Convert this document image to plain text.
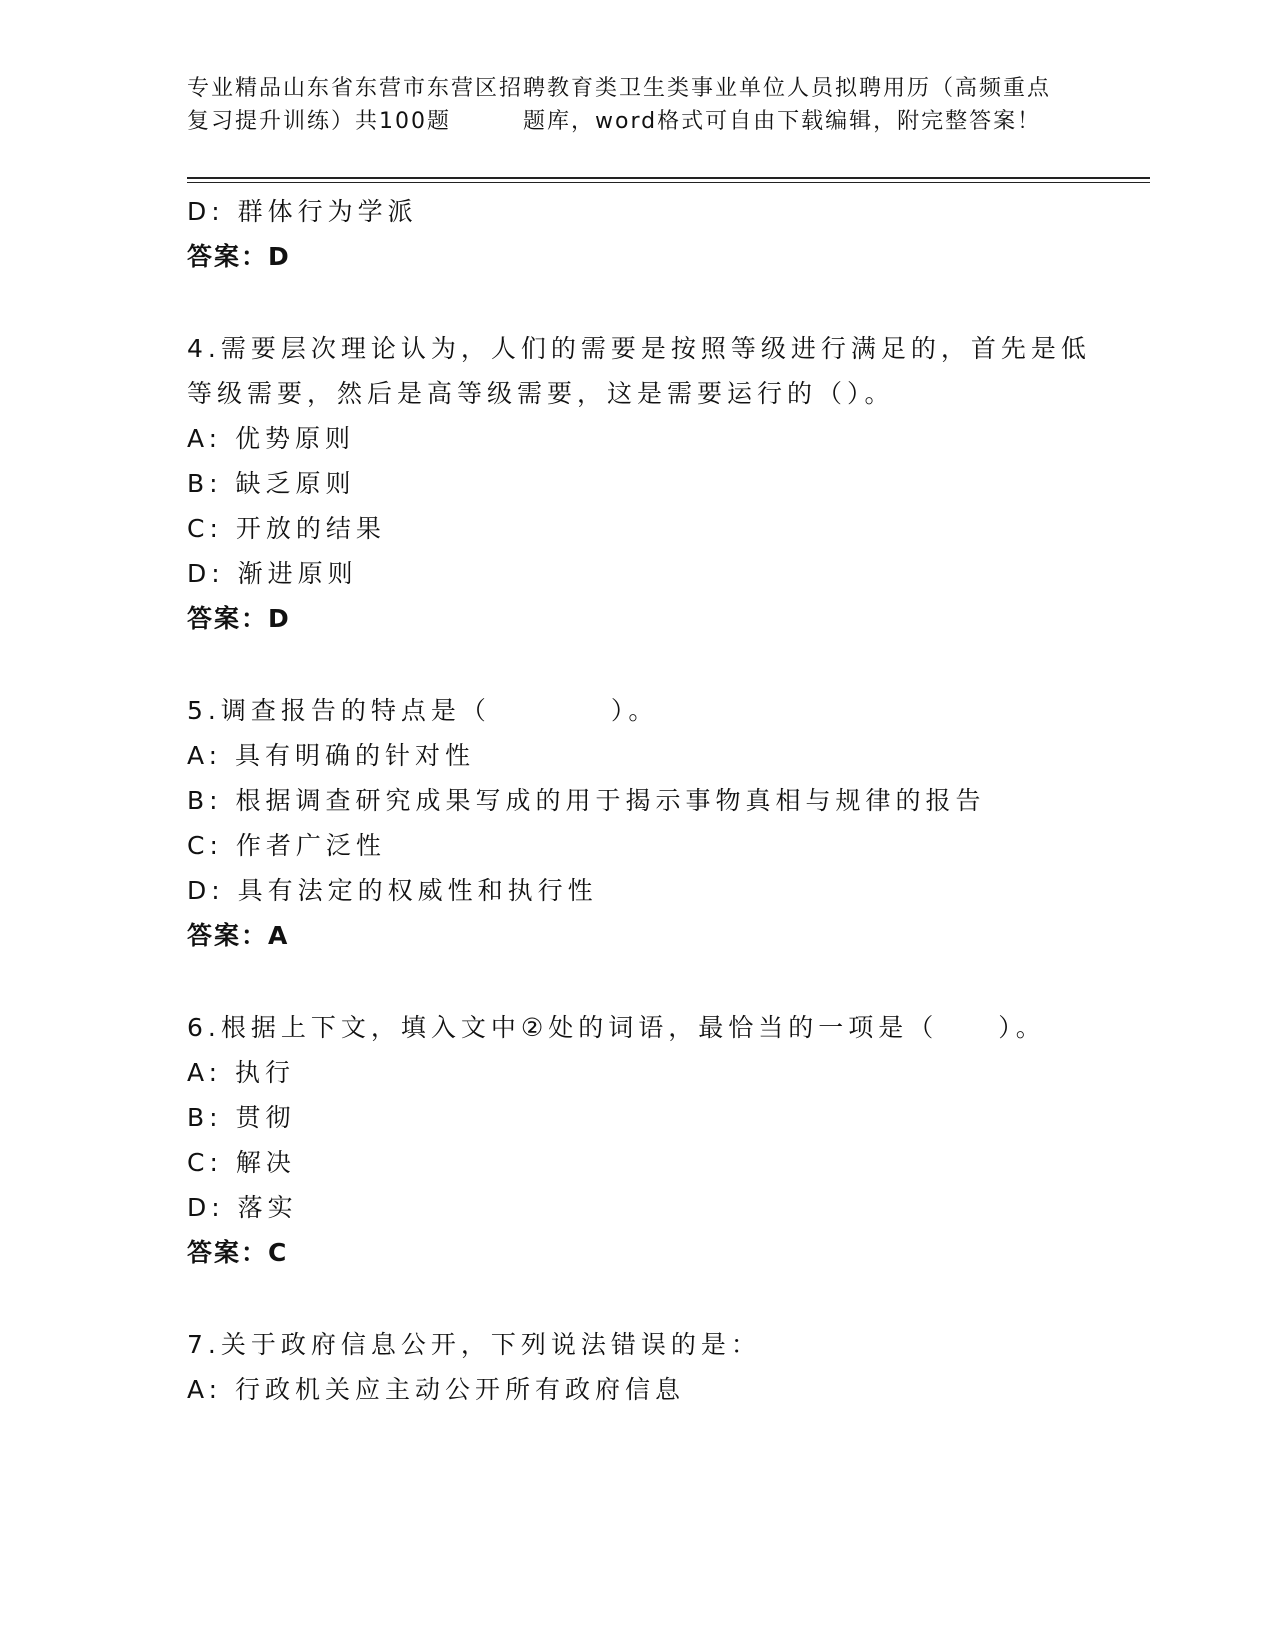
专业精品山东省东营市东营区招聘教育类卫生类事业单位人员拟聘用历（高频重点
复习提升训练）共100题　　　题库，word格式可自由下载编辑，附完整答案！
D: 群体行为学派
答案：D
4.需要层次理论认为，人们的需要是按照等级进行满足的，首先是低
等级需要，然后是高等级需要，这是需要运行的（）。
A: 优势原则
B: 缺乏原则
C: 开放的结果
D: 渐进原则
答案：D
5.调查报告的特点是（　　　　）。
A: 具有明确的针对性
B: 根据调查研究成果写成的用于揭示事物真相与规律的报告
C: 作者广泛性
D: 具有法定的权威性和执行性
答案：A
6.根据上下文，填入文中②处的词语，最恰当的一项是（　　）。
A: 执行
B: 贯彻
C: 解决
D: 落实
答案：C
7.关于政府信息公开，下列说法错误的是：
A: 行政机关应主动公开所有政府信息
